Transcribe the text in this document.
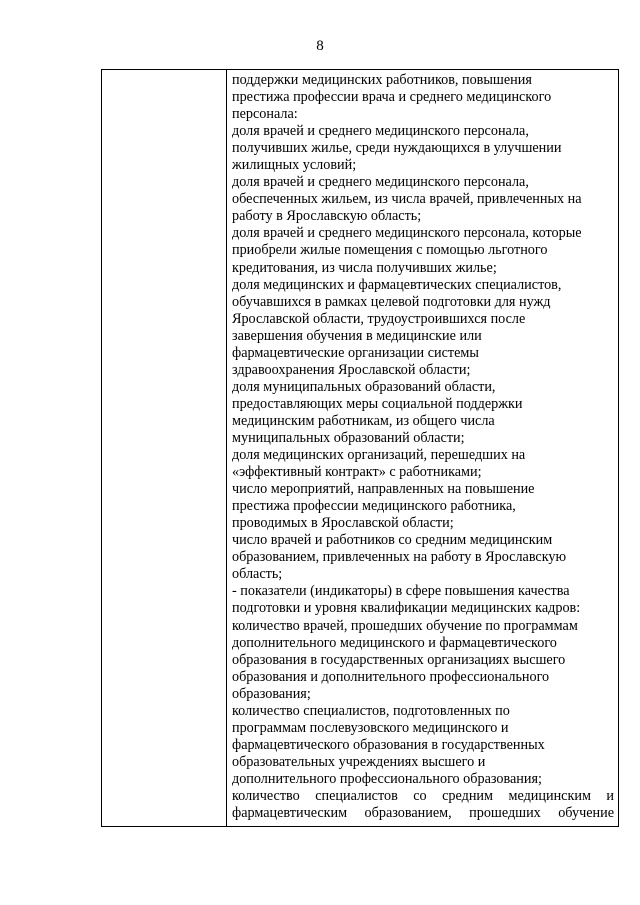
8

поддержки медицинских работников, повышения
престижа профессии врача и среднего медицинского
персонала:
доля врачей и среднего медицинского персонала,
получивших жилье, среди нуждающихся в улучшении
жилищных условий;
доля врачей и среднего медицинского персонала,
обеспеченных жильем, из числа врачей, привлеченных на
работу в Ярославскую область;
доля врачей и среднего медицинского персонала, которые
приобрели жилые помещения с помощью льготного
кредитования, из числа получивших жилье;
доля медицинских и фармацевтических специалистов,
обучавшихся в рамках целевой подготовки для нужд
Ярославской области, трудоустроившихся после
завершения обучения в медицинские или
фармацевтические организации системы
здравоохранения Ярославской области;
доля муниципальных образований области,
предоставляющих меры социальной поддержки
медицинским работникам, из общего числа
муниципальных образований области;
доля медицинских организаций, перешедших на
«эффективный контракт» с работниками;
число мероприятий, направленных на повышение
престижа профессии медицинского работника,
проводимых в Ярославской области;
число врачей и работников со средним медицинским
образованием, привлеченных на работу в Ярославскую
область;
- показатели (индикаторы) в сфере повышения качества
подготовки и уровня квалификации медицинских кадров:
количество врачей, прошедших обучение по программам
дополнительного медицинского и фармацевтического
образования в государственных организациях высшего
образования и дополнительного профессионального
образования;
количество специалистов, подготовленных по
программам послевузовского медицинского и
фармацевтического образования в государственных
образовательных учреждениях высшего и
дополнительного профессионального образования;
количество специалистов со средним медицинским и
фармацевтическим образованием, прошедших обучение
